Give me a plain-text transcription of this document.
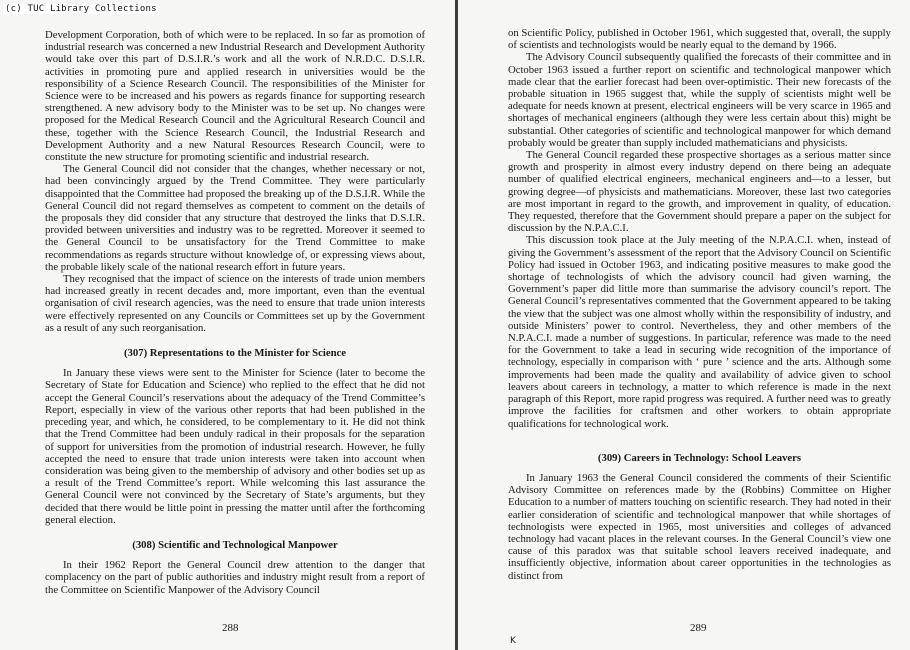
(c) TUC Library Collections

Development Corporation, both of which were to be replaced. In so far as promotion of industrial research was concerned a new Industrial Research and Development Authority would take over this part of D.S.I.R.’s work and all the work of N.R.D.C. D.S.I.R. activities in promoting pure and applied research in universities would be the responsibility of a Science Research Council. The responsibilities of the Minister for Science were to be increased and his powers as regards finance for supporting research strengthened. A new advisory body to the Minister was to be set up. No changes were proposed for the Medical Research Council and the Agricultural Research Council and these, together with the Science Research Council, the Industrial Research and Development Authority and a new Natural Resources Research Council, were to constitute the new structure for promoting scientific and industrial research.

The General Council did not consider that the changes, whether necessary or not, had been convincingly argued by the Trend Committee. They were particularly disappointed that the Committee had proposed the breaking up of the D.S.I.R. While the General Council did not regard themselves as competent to comment on the details of the proposals they did consider that any structure that destroyed the links that D.S.I.R. provided between universities and industry was to be regretted. Moreover it seemed to the General Council to be unsatisfactory for the Trend Committee to make recommendations as regards structure without knowledge of, or expressing views about, the probable likely scale of the national research effort in future years.

They recognised that the impact of science on the interests of trade union members had increased greatly in recent decades and, more important, even than the eventual organisation of civil research agencies, was the need to ensure that trade union interests were effectively represented on any Councils or Committees set up by the Government as a result of any such reorganisation.

(307) Representations to the Minister for Science

In January these views were sent to the Minister for Science (later to become the Secretary of State for Education and Science) who replied to the effect that he did not accept the General Council’s reservations about the adequacy of the Trend Committee’s Report, especially in view of the various other reports that had been published in the preceding year, and which, he considered, to be complementary to it. He did not think that the Trend Committee had been unduly radical in their proposals for the separation of support for universities from the promotion of industrial research. However, he fully accepted the need to ensure that trade union interests were taken into account when consideration was being given to the membership of advisory and other bodies set up as a result of the Trend Committee’s report. While welcoming this last assurance the General Council were not convinced by the Secretary of State’s arguments, but they decided that there would be little point in pressing the matter until after the forthcoming general election.

(308) Scientific and Technological Manpower

In their 1962 Report the General Council drew attention to the danger that complacency on the part of public authorities and industry might result from a report of the Committee on Scientific Manpower of the Advisory Council

288

on Scientific Policy, published in October 1961, which suggested that, overall, the supply of scientists and technologists would be nearly equal to the demand by 1966.

The Advisory Council subsequently qualified the forecasts of their committee and in October 1963 issued a further report on scientific and technological manpower which made clear that the earlier forecast had been over-optimistic. Their new forecasts of the probable situation in 1965 suggest that, while the supply of scientists might well be adequate for needs known at present, electrical engineers will be very scarce in 1965 and shortages of mechanical engineers (although they were less certain about this) might be substantial. Other categories of scientific and technological manpower for which demand probably would be greater than supply included mathematicians and physicists.

The General Council regarded these prospective shortages as a serious matter since growth and prosperity in almost every industry depend on there being an adequate number of qualified electrical engineers, mechanical engineers and—to a lesser, but growing degree—of physicists and mathematicians. Moreover, these last two categories are most important in regard to the growth, and improvement in quality, of education. They requested, therefore that the Government should prepare a paper on the subject for discussion by the N.P.A.C.I.

This discussion took place at the July meeting of the N.P.A.C.I. when, instead of giving the Government’s assessment of the report that the Advisory Council on Scientific Policy had issued in October 1963, and indicating positive measures to make good the shortage of technologists of which the advisory council had given warning, the Government’s paper did little more than summarise the advisory council’s report. The General Council’s representatives commented that the Government appeared to be taking the view that the subject was one almost wholly within the responsibility of industry, and outside Ministers’ power to control. Nevertheless, they and other members of the N.P.A.C.I. made a number of suggestions. In particular, reference was made to the need for the Government to take a lead in securing wide recognition of the importance of technology, especially in comparison with ‘ pure ’ science and the arts. Although some improvements had been made the quality and availability of advice given to school leavers about careers in technology, a matter to which reference is made in the next paragraph of this Report, more rapid progress was required. A further need was to greatly improve the facilities for craftsmen and other workers to obtain appropriate qualifications for technological work.

(309) Careers in Technology: School Leavers

In January 1963 the General Council considered the comments of their Scientific Advisory Committee on references made by the (Robbins) Committee on Higher Education to a number of matters touching on scientific research. They had noted in their earlier consideration of scientific and technological manpower that while shortages of technologists were expected in 1965, most universities and colleges of advanced technology had vacant places in the relevant courses. In the General Council’s view one cause of this paradox was that suitable school leavers received inadequate, and insufficiently objective, information about career opportunities in the technologies as distinct from

289
K
